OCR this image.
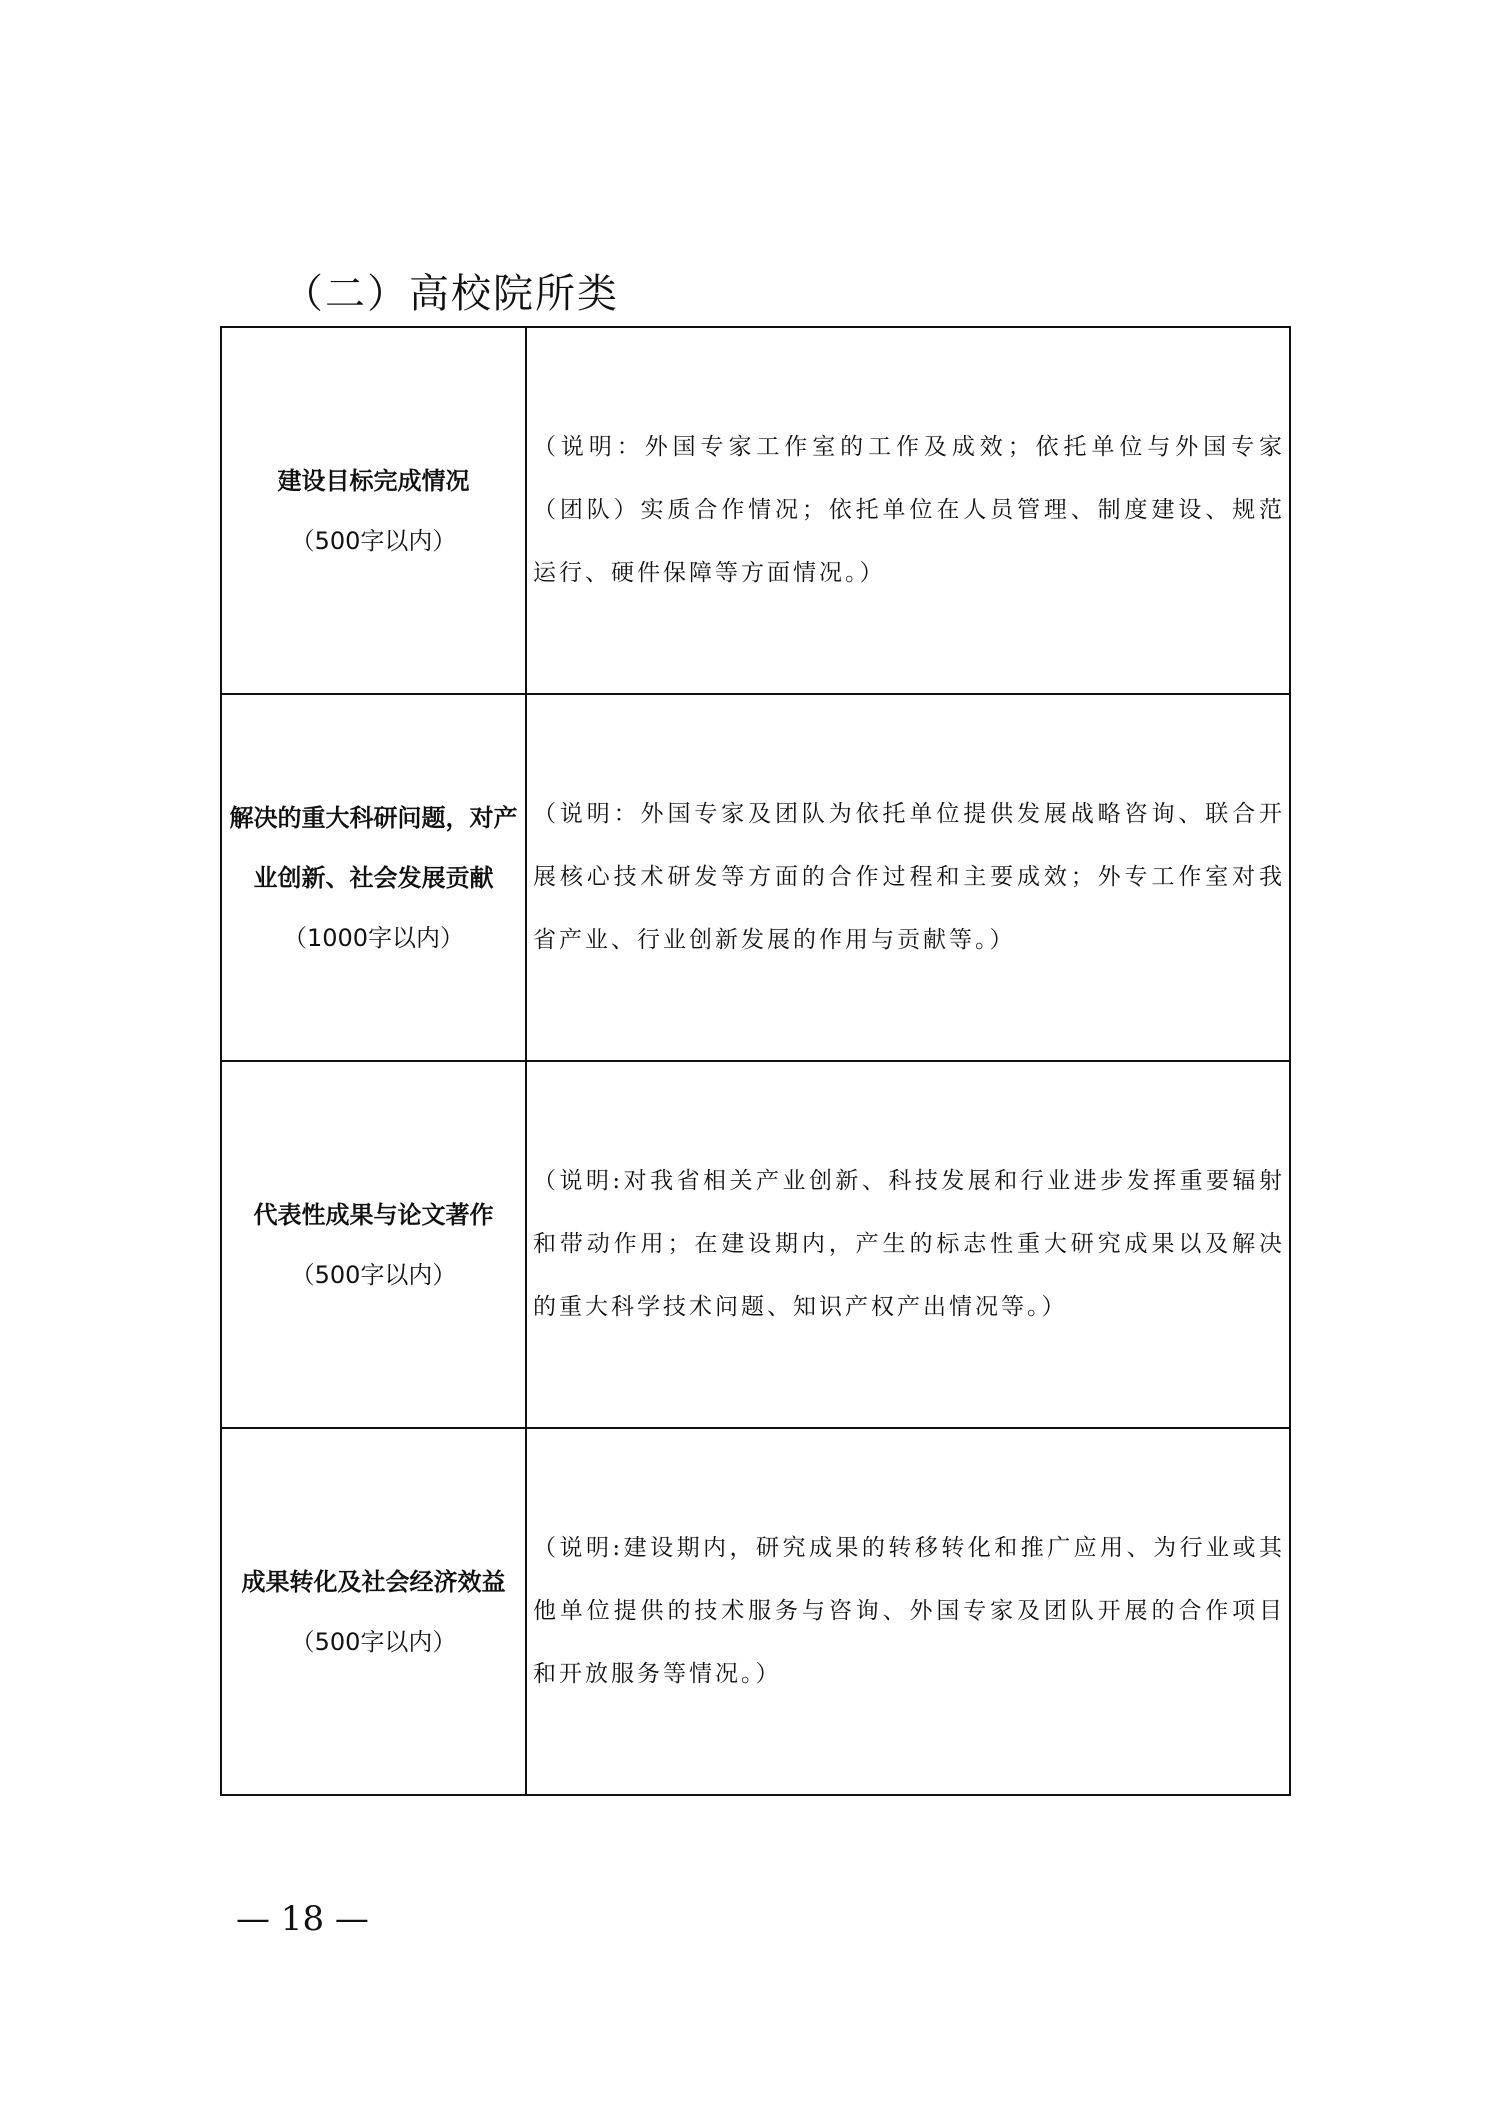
（二）高校院所类
建设目标完成情况
（500字以内）	（说明：外国专家工作室的工作及成效；依托单位与外国专家（团队）实质合作情况；依托单位在人员管理、制度建设、规范运行、硬件保障等方面情况。）

解决的重大科研问题，对产
业创新、社会发展贡献
（1000字以内）	（说明：外国专家及团队为依托单位提供发展战略咨询、联合开展核心技术研发等方面的合作过程和主要成效；外专工作室对我省产业、行业创新发展的作用与贡献等。）

代表性成果与论文著作
（500字以内）	（说明:对我省相关产业创新、科技发展和行业进步发挥重要辐射和带动作用；在建设期内，产生的标志性重大研究成果以及解决的重大科学技术问题、知识产权产出情况等。）

成果转化及社会经济效益
（500字以内）	（说明:建设期内，研究成果的转移转化和推广应用、为行业或其他单位提供的技术服务与咨询、外国专家及团队开展的合作项目和开放服务等情况。）
— 18 —
